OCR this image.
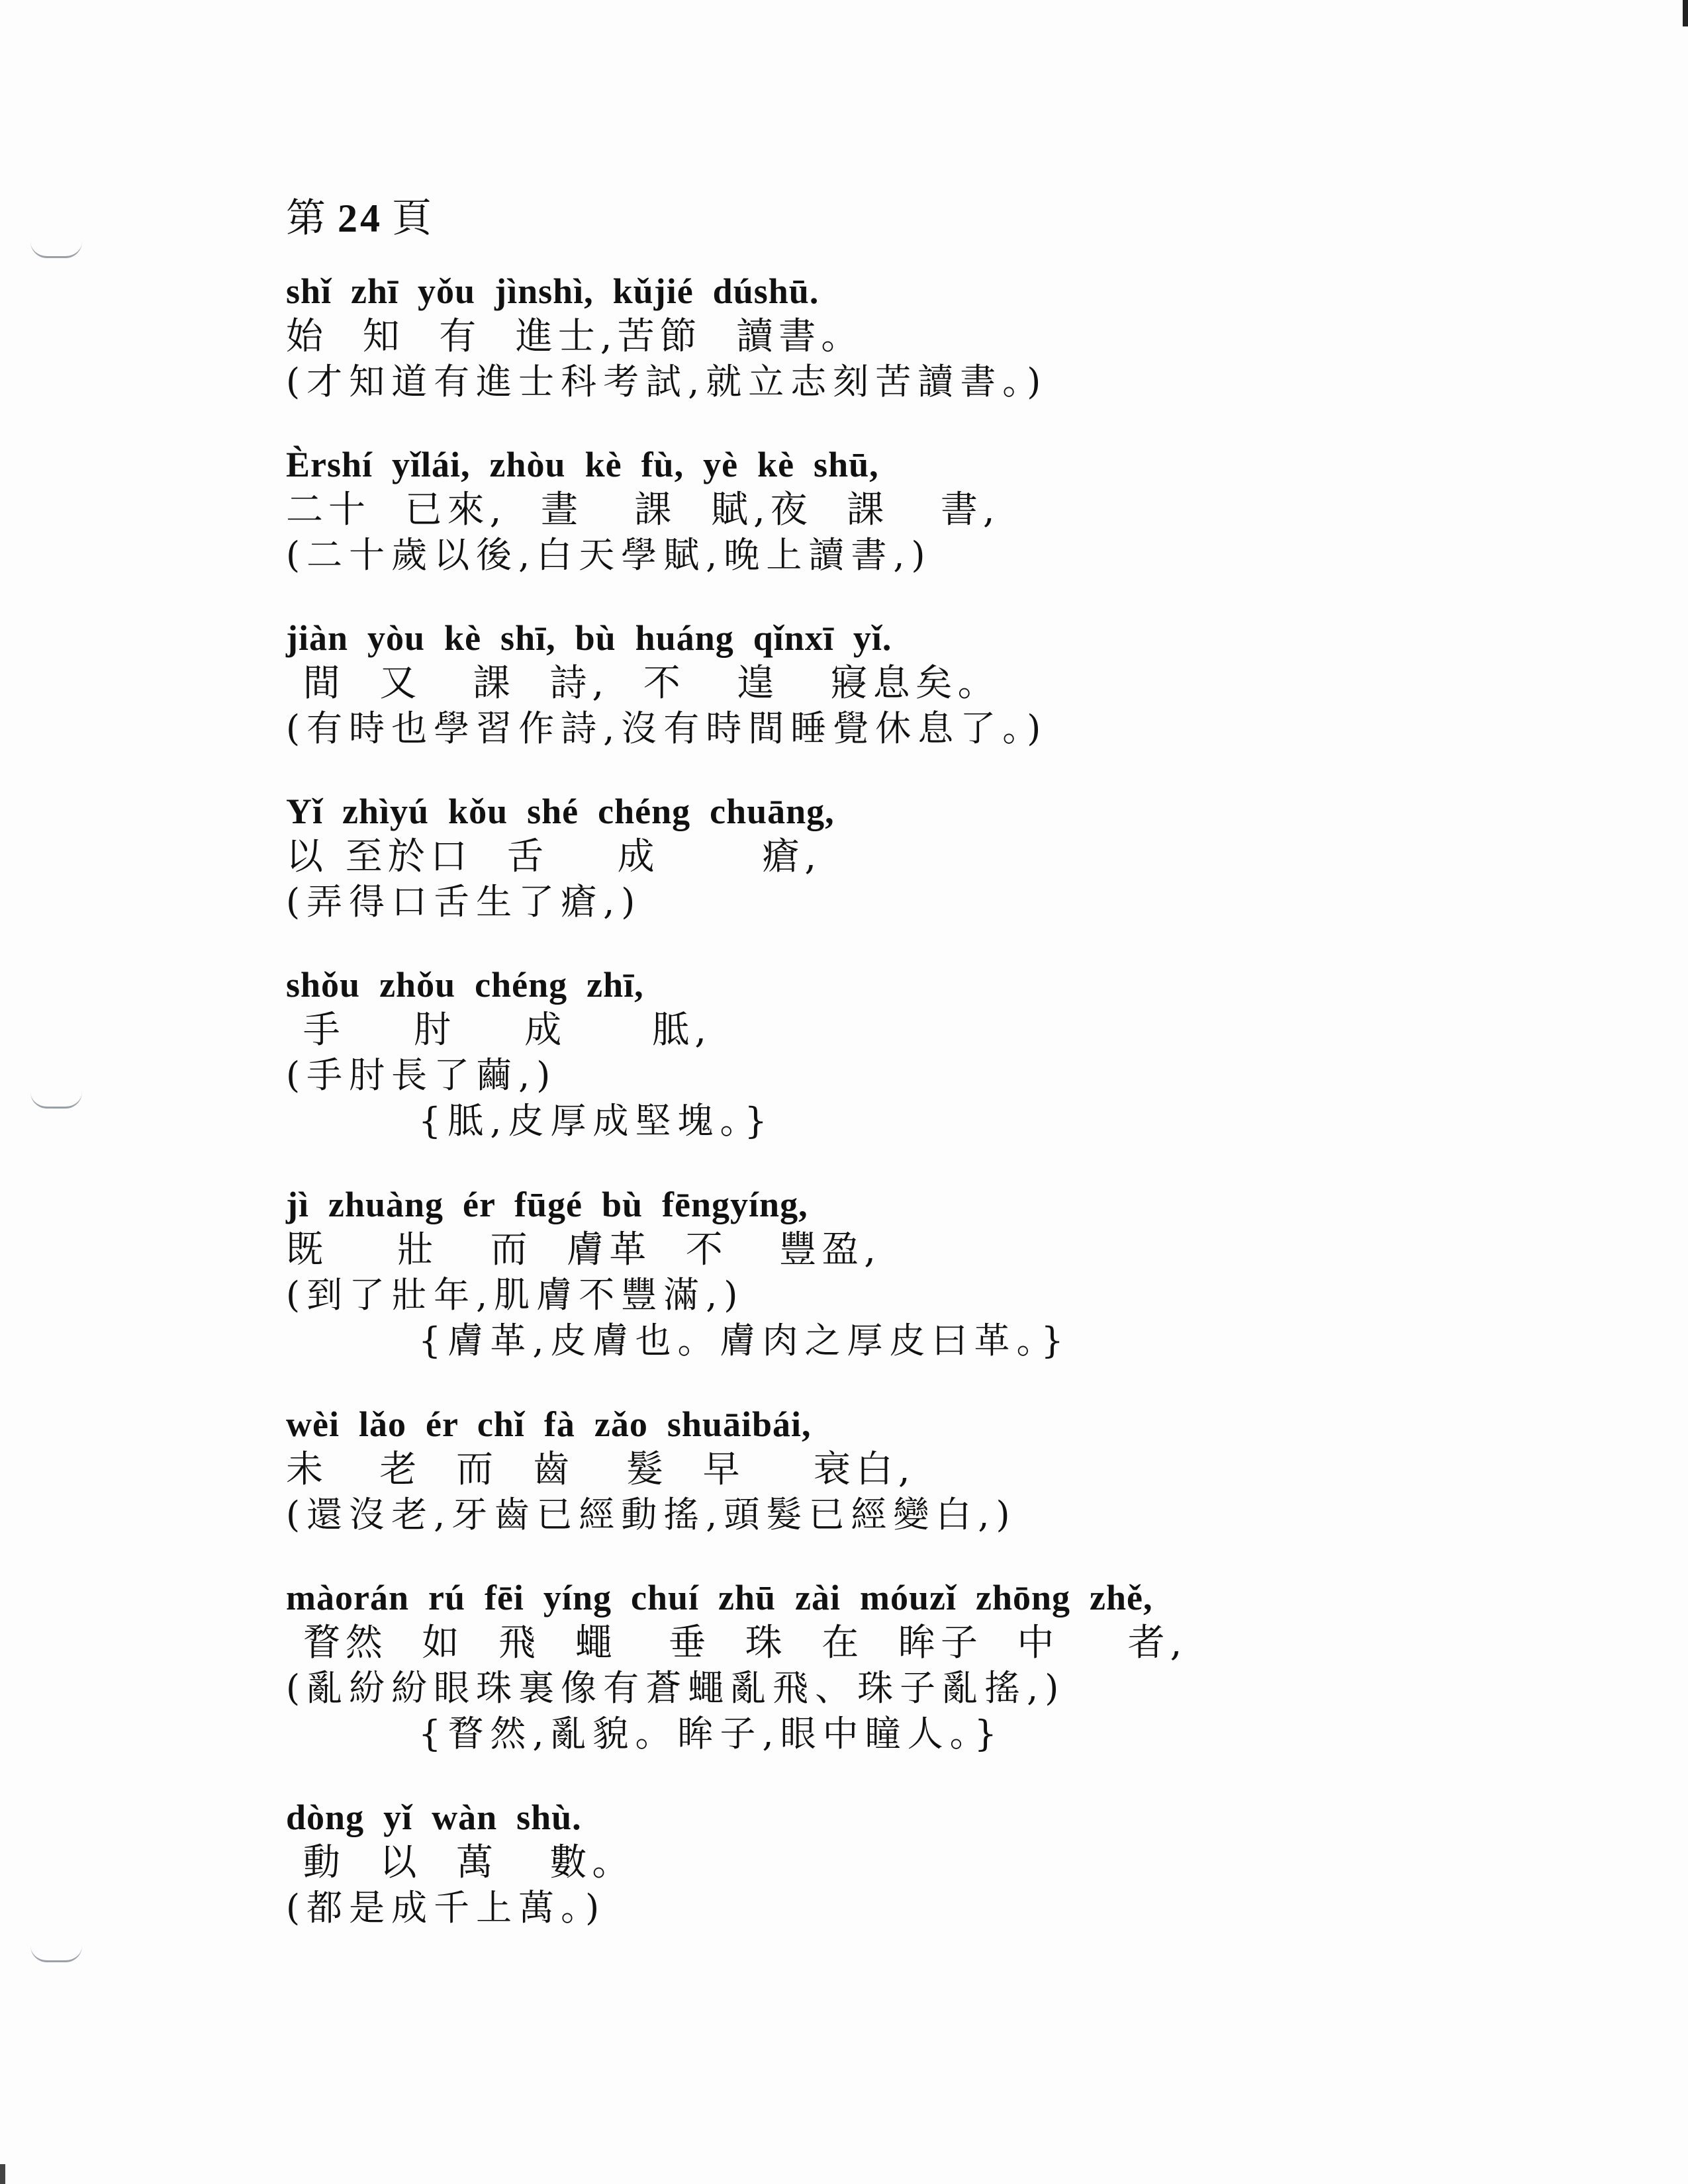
第 24 頁
shǐ  zhī  yǒu  jìnshì,  kǔjié  dúshū.
始  知  有  進士,苦節  讀書。
(才知道有進士科考試,就立志刻苦讀書。)
Èrshí  yǐlái,  zhòu  kè  fù,  yè  kè  shū,
二十  已來,  晝   課  賦,夜  課   書,
(二十歲以後,白天學賦,晚上讀書,)
jiàn  yòu  kè  shī,  bù  huáng  qǐnxī  yǐ.
間  又   課  詩,  不   遑   寢息矣。
(有時也學習作詩,沒有時間睡覺休息了。)
Yǐ  zhìyú  kǒu  shé  chéng  chuāng,
以 至於口  舌    成      瘡,
(弄得口舌生了瘡,)
shǒu  zhǒu  chéng  zhī,
手    肘    成     胝,
(手肘長了繭,)
{胝,皮厚成堅塊。}
jì  zhuàng  ér  fūgé  bù  fēngyíng,
既    壯   而  膚革  不   豐盈,
(到了壯年,肌膚不豐滿,)
{膚革,皮膚也。膚肉之厚皮曰革。}
wèi  lǎo  ér  chǐ  fà  zǎo  shuāibái,
未   老  而  齒   髮  早    衰白,
(還沒老,牙齒已經動搖,頭髮已經變白,)
màorán  rú  fēi  yíng  chuí  zhū  zài  móuzǐ  zhōng  zhě,
瞀然  如  飛  蠅   垂  珠  在  眸子  中    者,
(亂紛紛眼珠裏像有蒼蠅亂飛、珠子亂搖,)
{瞀然,亂貌。眸子,眼中瞳人。}
dòng  yǐ  wàn  shù.
動  以  萬   數。
(都是成千上萬。)
